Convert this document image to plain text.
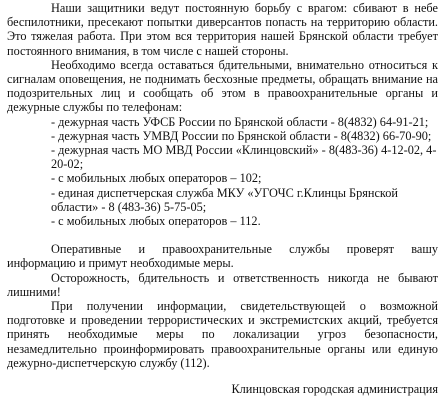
Наши защитники ведут постоянную борьбу с врагом: сбивают в небе беспилотники, пресекают попытки диверсантов попасть на территорию области. Это тяжелая работа. При этом вся территория нашей Брянской области требует постоянного внимания, в том числе с нашей стороны.

Необходимо всегда оставаться бдительными, внимательно относиться к сигналам оповещения, не поднимать бесхозные предметы, обращать внимание на подозрительных лиц и сообщать об этом в правоохранительные органы и дежурные службы по телефонам:

- дежурная часть УФСБ России по Брянской области - 8(4832) 64-91-21;
- дежурная часть УМВД России по Брянской области - 8(4832) 66-70-90;
- дежурная часть МО МВД России «Клинцовский» - 8(483-36) 4-12-02, 4-20-02;
- с мобильных любых операторов – 102;
- единая диспетчерская служба МКУ «УГОЧС г.Клинцы Брянской области» - 8 (483-36) 5-75-05;
- с мобильных любых операторов – 112.

Оперативные и правоохранительные службы проверят вашу информацию и примут необходимые меры.

Осторожность, бдительность и ответственность никогда не бывают лишними!

При получении информации, свидетельствующей о возможной подготовке и проведении террористических и экстремистских акций, требуется принять необходимые меры по локализации угроз безопасности, незамедлительно проинформировать правоохранительные органы или единую дежурно-диспетчерскую службу (112).

Клинцовская городская администрация
